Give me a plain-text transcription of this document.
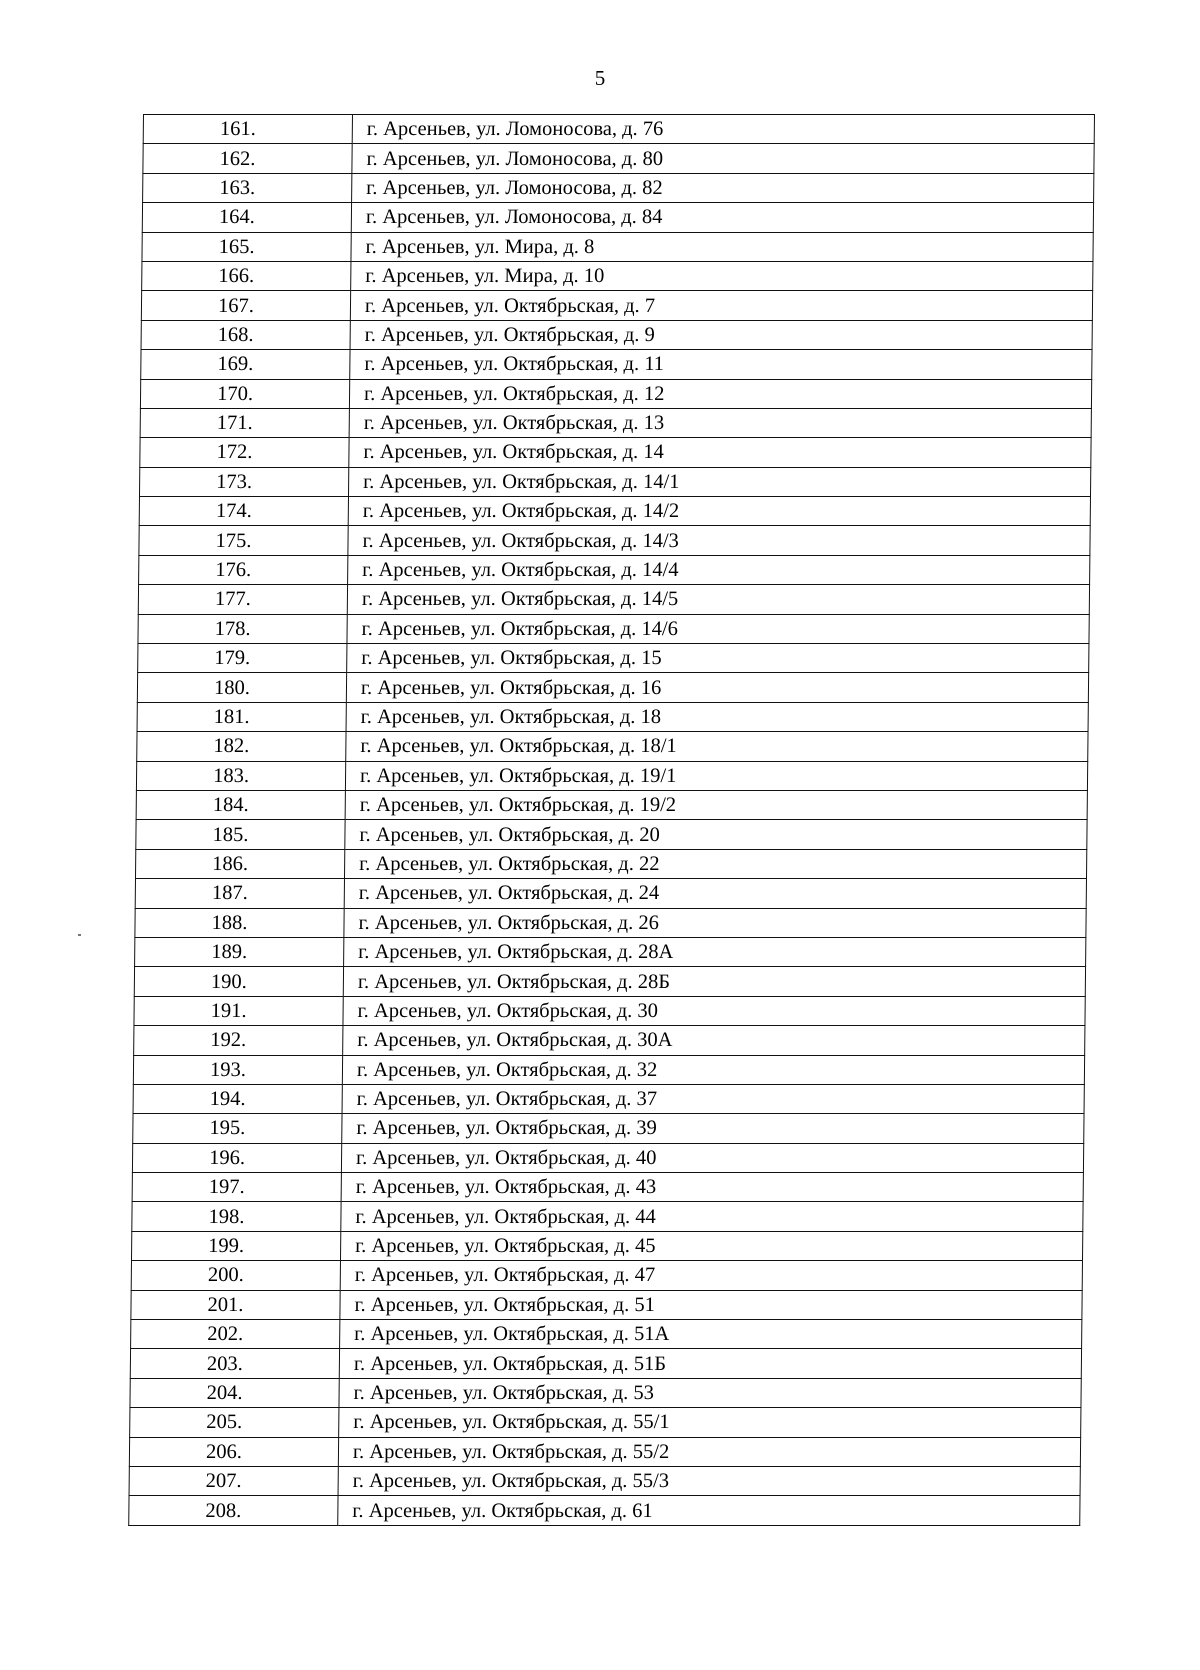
5
161.	г. Арсеньев, ул. Ломоносова, д. 76
162.	г. Арсеньев, ул. Ломоносова, д. 80
163.	г. Арсеньев, ул. Ломоносова, д. 82
164.	г. Арсеньев, ул. Ломоносова, д. 84
165.	г. Арсеньев, ул. Мира, д. 8
166.	г. Арсеньев, ул. Мира, д. 10
167.	г. Арсеньев, ул. Октябрьская, д. 7
168.	г. Арсеньев, ул. Октябрьская, д. 9
169.	г. Арсеньев, ул. Октябрьская, д. 11
170.	г. Арсеньев, ул. Октябрьская, д. 12
171.	г. Арсеньев, ул. Октябрьская, д. 13
172.	г. Арсеньев, ул. Октябрьская, д. 14
173.	г. Арсеньев, ул. Октябрьская, д. 14/1
174.	г. Арсеньев, ул. Октябрьская, д. 14/2
175.	г. Арсеньев, ул. Октябрьская, д. 14/3
176.	г. Арсеньев, ул. Октябрьская, д. 14/4
177.	г. Арсеньев, ул. Октябрьская, д. 14/5
178.	г. Арсеньев, ул. Октябрьская, д. 14/6
179.	г. Арсеньев, ул. Октябрьская, д. 15
180.	г. Арсеньев, ул. Октябрьская, д. 16
181.	г. Арсеньев, ул. Октябрьская, д. 18
182.	г. Арсеньев, ул. Октябрьская, д. 18/1
183.	г. Арсеньев, ул. Октябрьская, д. 19/1
184.	г. Арсеньев, ул. Октябрьская, д. 19/2
185.	г. Арсеньев, ул. Октябрьская, д. 20
186.	г. Арсеньев, ул. Октябрьская, д. 22
187.	г. Арсеньев, ул. Октябрьская, д. 24
188.	г. Арсеньев, ул. Октябрьская, д. 26
189.	г. Арсеньев, ул. Октябрьская, д. 28А
190.	г. Арсеньев, ул. Октябрьская, д. 28Б
191.	г. Арсеньев, ул. Октябрьская, д. 30
192.	г. Арсеньев, ул. Октябрьская, д. 30А
193.	г. Арсеньев, ул. Октябрьская, д. 32
194.	г. Арсеньев, ул. Октябрьская, д. 37
195.	г. Арсеньев, ул. Октябрьская, д. 39
196.	г. Арсеньев, ул. Октябрьская, д. 40
197.	г. Арсеньев, ул. Октябрьская, д. 43
198.	г. Арсеньев, ул. Октябрьская, д. 44
199.	г. Арсеньев, ул. Октябрьская, д. 45
200.	г. Арсеньев, ул. Октябрьская, д. 47
201.	г. Арсеньев, ул. Октябрьская, д. 51
202.	г. Арсеньев, ул. Октябрьская, д. 51А
203.	г. Арсеньев, ул. Октябрьская, д. 51Б
204.	г. Арсеньев, ул. Октябрьская, д. 53
205.	г. Арсеньев, ул. Октябрьская, д. 55/1
206.	г. Арсеньев, ул. Октябрьская, д. 55/2
207.	г. Арсеньев, ул. Октябрьская, д. 55/3
208.	г. Арсеньев, ул. Октябрьская, д. 61
